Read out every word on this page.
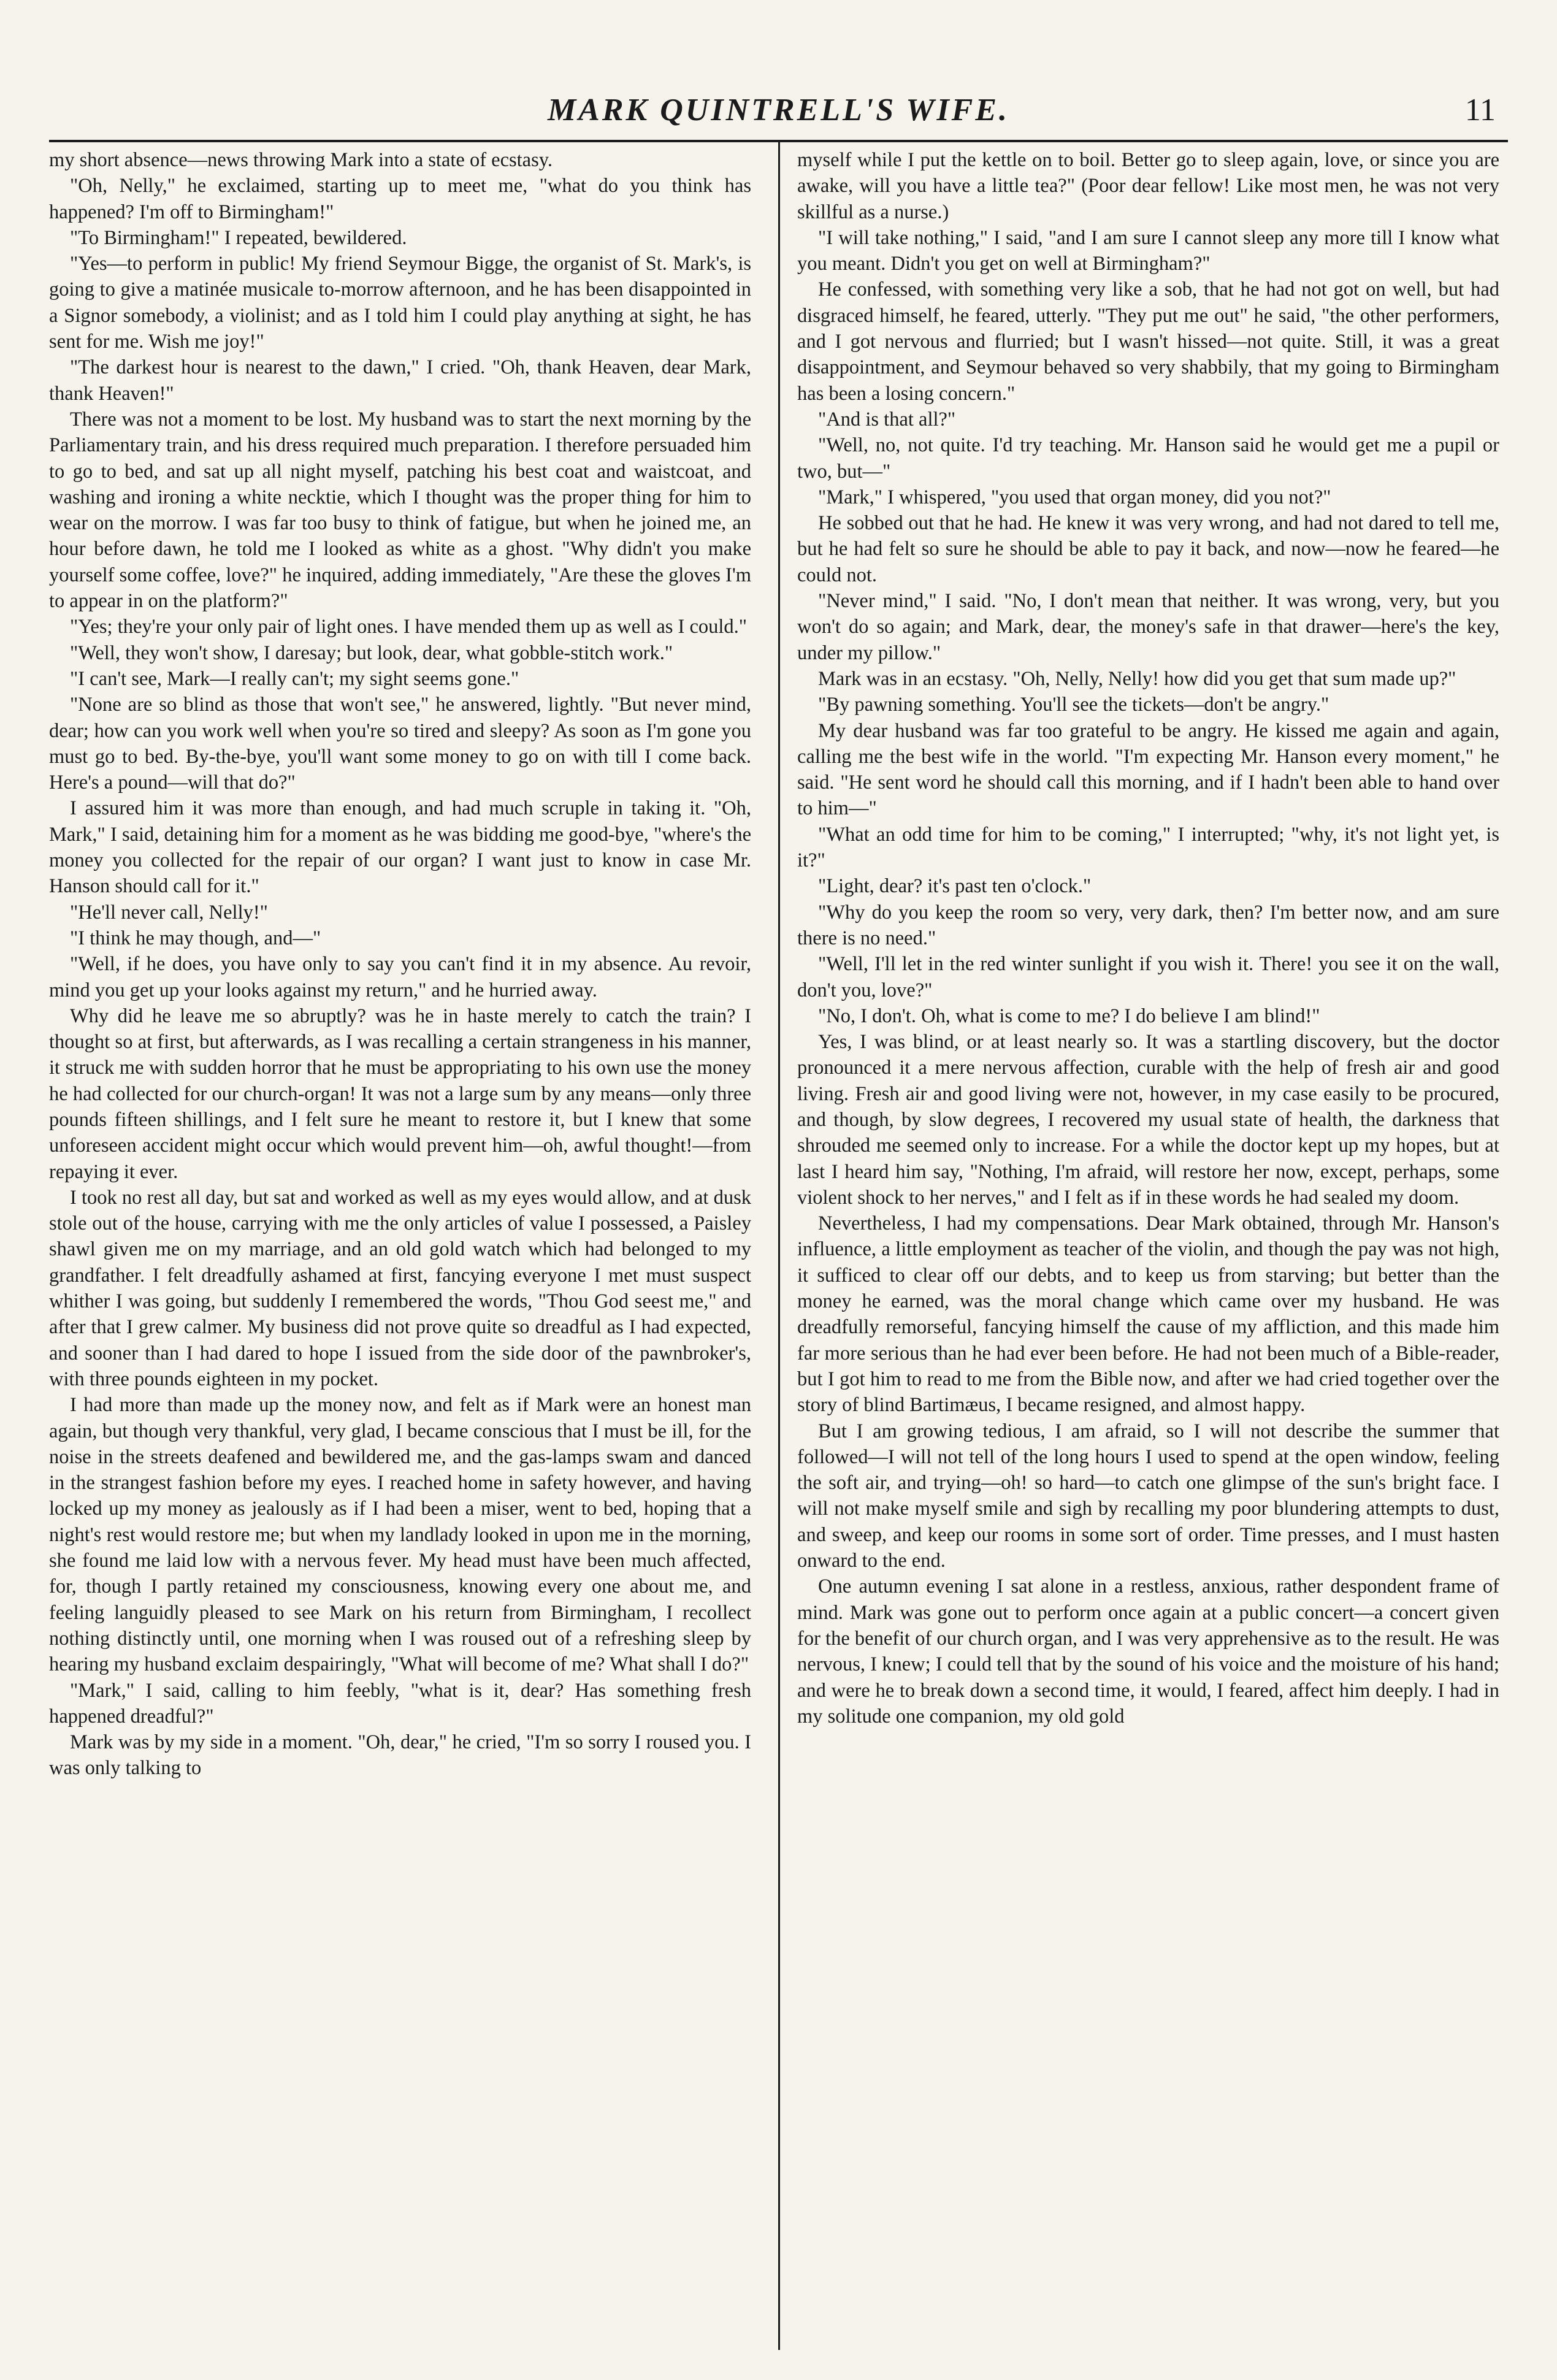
MARK QUINTRELL'S WIFE.	11

my short absence—news throwing Mark into a state of ecstasy.

"Oh, Nelly," he exclaimed, starting up to meet me, "what do you think has happened? I'm off to Birmingham!"

"To Birmingham!" I repeated, bewildered.

"Yes—to perform in public! My friend Seymour Bigge, the organist of St. Mark's, is going to give a matinée musicale to-morrow afternoon, and he has been disappointed in a Signor somebody, a violinist; and as I told him I could play anything at sight, he has sent for me. Wish me joy!"

"The darkest hour is nearest to the dawn," I cried. "Oh, thank Heaven, dear Mark, thank Heaven!"

There was not a moment to be lost. My husband was to start the next morning by the Parliamentary train, and his dress required much preparation. I therefore persuaded him to go to bed, and sat up all night myself, patching his best coat and waistcoat, and washing and ironing a white necktie, which I thought was the proper thing for him to wear on the morrow. I was far too busy to think of fatigue, but when he joined me, an hour before dawn, he told me I looked as white as a ghost. "Why didn't you make yourself some coffee, love?" he inquired, adding immediately, "Are these the gloves I'm to appear in on the platform?"

"Yes; they're your only pair of light ones. I have mended them up as well as I could."

"Well, they won't show, I daresay; but look, dear, what gobble-stitch work."

"I can't see, Mark—I really can't; my sight seems gone."

"None are so blind as those that won't see," he answered, lightly. "But never mind, dear; how can you work well when you're so tired and sleepy? As soon as I'm gone you must go to bed. By-the-bye, you'll want some money to go on with till I come back. Here's a pound—will that do?"

I assured him it was more than enough, and had much scruple in taking it. "Oh, Mark," I said, detaining him for a moment as he was bidding me good-bye, "where's the money you collected for the repair of our organ? I want just to know in case Mr. Hanson should call for it."

"He'll never call, Nelly!"

"I think he may though, and—"

"Well, if he does, you have only to say you can't find it in my absence. Au revoir, mind you get up your looks against my return," and he hurried away.

Why did he leave me so abruptly? was he in haste merely to catch the train? I thought so at first, but afterwards, as I was recalling a certain strangeness in his manner, it struck me with sudden horror that he must be appropriating to his own use the money he had collected for our church-organ! It was not a large sum by any means—only three pounds fifteen shillings, and I felt sure he meant to restore it, but I knew that some unforeseen accident might occur which would prevent him—oh, awful thought!—from repaying it ever.

I took no rest all day, but sat and worked as well as my eyes would allow, and at dusk stole out of the house, carrying with me the only articles of value I possessed, a Paisley shawl given me on my marriage, and an old gold watch which had belonged to my grandfather. I felt dreadfully ashamed at first, fancying everyone I met must suspect whither I was going, but suddenly I remembered the words, "Thou God seest me," and after that I grew calmer. My business did not prove quite so dreadful as I had expected, and sooner than I had dared to hope I issued from the side door of the pawnbroker's, with three pounds eighteen in my pocket.

I had more than made up the money now, and felt as if Mark were an honest man again, but though very thankful, very glad, I became conscious that I must be ill, for the noise in the streets deafened and bewildered me, and the gas-lamps swam and danced in the strangest fashion before my eyes. I reached home in safety however, and having locked up my money as jealously as if I had been a miser, went to bed, hoping that a night's rest would restore me; but when my landlady looked in upon me in the morning, she found me laid low with a nervous fever. My head must have been much affected, for, though I partly retained my consciousness, knowing every one about me, and feeling languidly pleased to see Mark on his return from Birmingham, I recollect nothing distinctly until, one morning when I was roused out of a refreshing sleep by hearing my husband exclaim despairingly, "What will become of me? What shall I do?"

"Mark," I said, calling to him feebly, "what is it, dear? Has something fresh happened dreadful?"

Mark was by my side in a moment. "Oh, dear," he cried, "I'm so sorry I roused you. I was only talking to

myself while I put the kettle on to boil. Better go to sleep again, love, or since you are awake, will you have a little tea?" (Poor dear fellow! Like most men, he was not very skillful as a nurse.)

"I will take nothing," I said, "and I am sure I cannot sleep any more till I know what you meant. Didn't you get on well at Birmingham?"

He confessed, with something very like a sob, that he had not got on well, but had disgraced himself, he feared, utterly. "They put me out" he said, "the other performers, and I got nervous and flurried; but I wasn't hissed—not quite. Still, it was a great disappointment, and Seymour behaved so very shabbily, that my going to Birmingham has been a losing concern."

"And is that all?"

"Well, no, not quite. I'd try teaching. Mr. Hanson said he would get me a pupil or two, but—"

"Mark," I whispered, "you used that organ money, did you not?"

He sobbed out that he had. He knew it was very wrong, and had not dared to tell me, but he had felt so sure he should be able to pay it back, and now—now he feared—he could not.

"Never mind," I said. "No, I don't mean that neither. It was wrong, very, but you won't do so again; and Mark, dear, the money's safe in that drawer—here's the key, under my pillow."

Mark was in an ecstasy. "Oh, Nelly, Nelly! how did you get that sum made up?"

"By pawning something. You'll see the tickets—don't be angry."

My dear husband was far too grateful to be angry. He kissed me again and again, calling me the best wife in the world. "I'm expecting Mr. Hanson every moment," he said. "He sent word he should call this morning, and if I hadn't been able to hand over to him—"

"What an odd time for him to be coming," I interrupted; "why, it's not light yet, is it?"

"Light, dear? it's past ten o'clock."

"Why do you keep the room so very, very dark, then? I'm better now, and am sure there is no need."

"Well, I'll let in the red winter sunlight if you wish it. There! you see it on the wall, don't you, love?"

"No, I don't. Oh, what is come to me? I do believe I am blind!"

Yes, I was blind, or at least nearly so. It was a startling discovery, but the doctor pronounced it a mere nervous affection, curable with the help of fresh air and good living. Fresh air and good living were not, however, in my case easily to be procured, and though, by slow degrees, I recovered my usual state of health, the darkness that shrouded me seemed only to increase. For a while the doctor kept up my hopes, but at last I heard him say, "Nothing, I'm afraid, will restore her now, except, perhaps, some violent shock to her nerves," and I felt as if in these words he had sealed my doom.

Nevertheless, I had my compensations. Dear Mark obtained, through Mr. Hanson's influence, a little employment as teacher of the violin, and though the pay was not high, it sufficed to clear off our debts, and to keep us from starving; but better than the money he earned, was the moral change which came over my husband. He was dreadfully remorseful, fancying himself the cause of my affliction, and this made him far more serious than he had ever been before. He had not been much of a Bible-reader, but I got him to read to me from the Bible now, and after we had cried together over the story of blind Bartimæus, I became resigned, and almost happy.

But I am growing tedious, I am afraid, so I will not describe the summer that followed—I will not tell of the long hours I used to spend at the open window, feeling the soft air, and trying—oh! so hard—to catch one glimpse of the sun's bright face. I will not make myself smile and sigh by recalling my poor blundering attempts to dust, and sweep, and keep our rooms in some sort of order. Time presses, and I must hasten onward to the end.

One autumn evening I sat alone in a restless, anxious, rather despondent frame of mind. Mark was gone out to perform once again at a public concert—a concert given for the benefit of our church organ, and I was very apprehensive as to the result. He was nervous, I knew; I could tell that by the sound of his voice and the moisture of his hand; and were he to break down a second time, it would, I feared, affect him deeply. I had in my solitude one companion, my old gold
